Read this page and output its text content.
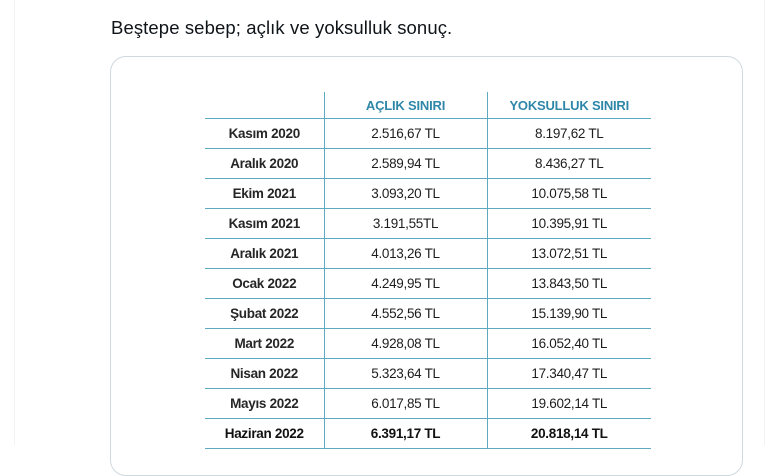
Beştepe sebep; açlık ve yoksulluk sonuç.
	AÇLIK SINIRI	YOKSULLUK SINIRI
Kasım 2020	2.516,67 TL	8.197,62 TL
Aralık 2020	2.589,94 TL	8.436,27 TL
Ekim 2021	3.093,20 TL	10.075,58 TL
Kasım 2021	3.191,55TL	10.395,91 TL
Aralık 2021	4.013,26 TL	13.072,51 TL
Ocak 2022	4.249,95 TL	13.843,50 TL
Şubat 2022	4.552,56 TL	15.139,90 TL
Mart 2022	4.928,08 TL	16.052,40 TL
Nisan 2022	5.323,64 TL	17.340,47 TL
Mayıs 2022	6.017,85 TL	19.602,14 TL
Haziran 2022	6.391,17 TL	20.818,14 TL
